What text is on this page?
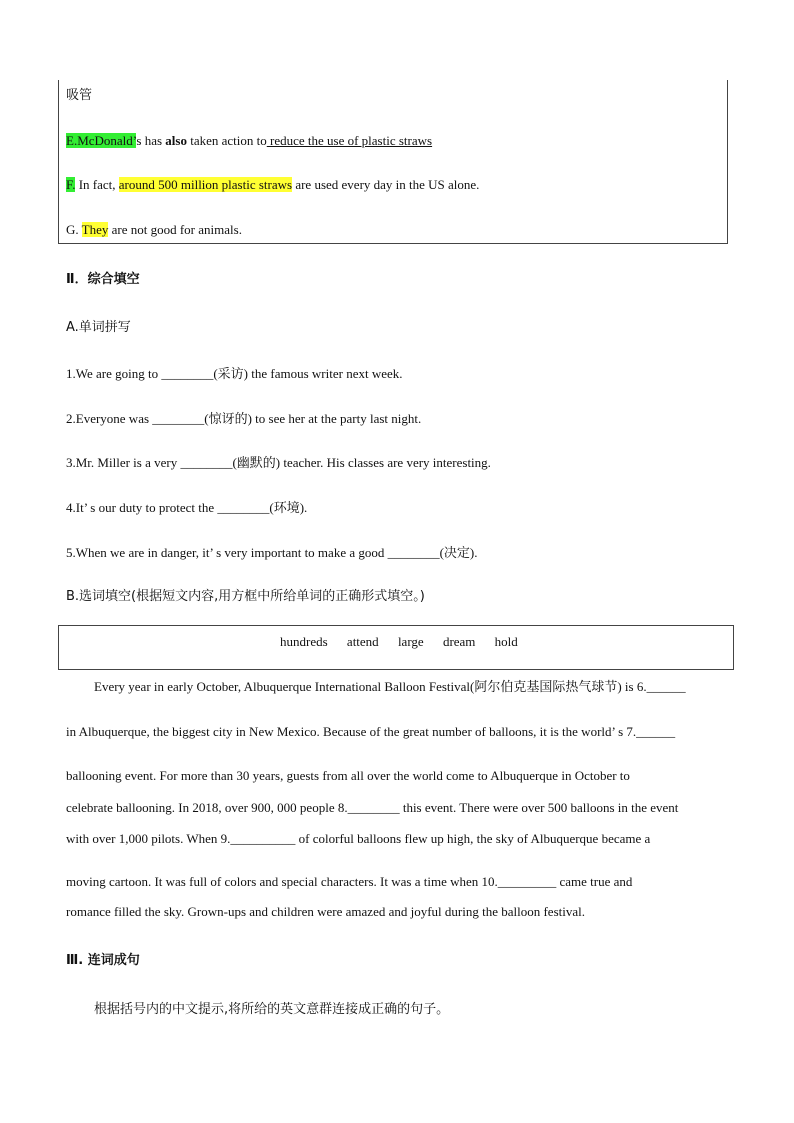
吸管
E.McDonald’s has also taken action to reduce the use of plastic straws
F. In fact, around 500 million plastic straws are used every day in the US alone.
G. They are not good for animals.
Ⅱ．综合填空
A.单词拼写
1.We are going to ________(采访) the famous writer next week.
2.Everyone was ________(惊讶的) to see her at the party last night.
3.Mr. Miller is a very ________(幽默的) teacher. His classes are very interesting.
4.It’ s our duty to protect the ________(环境).
5.When we are in danger, it’ s very important to make a good ________(决定).
B.选词填空(根据短文内容,用方框中所给单词的正确形式填空。)
hundreds attend large dream hold
Every year in early October, Albuquerque International Balloon Festival(阿尔伯克基国际热气球节) is 6.______
in Albuquerque, the biggest city in New Mexico. Because of the great number of balloons, it is the world’ s 7.______
ballooning event. For more than 30 years, guests from all over the world come to Albuquerque in October to
celebrate ballooning. In 2018, over 900, 000 people 8.________ this event. There were over 500 balloons in the event
with over 1,000 pilots. When 9.__________ of colorful balloons flew up high, the sky of Albuquerque became a
moving cartoon. It was full of colors and special characters. It was a time when 10._________ came true and
romance filled the sky. Grown-ups and children were amazed and joyful during the balloon festival.
Ⅲ. 连词成句
根据括号内的中文提示,将所给的英文意群连接成正确的句子。
